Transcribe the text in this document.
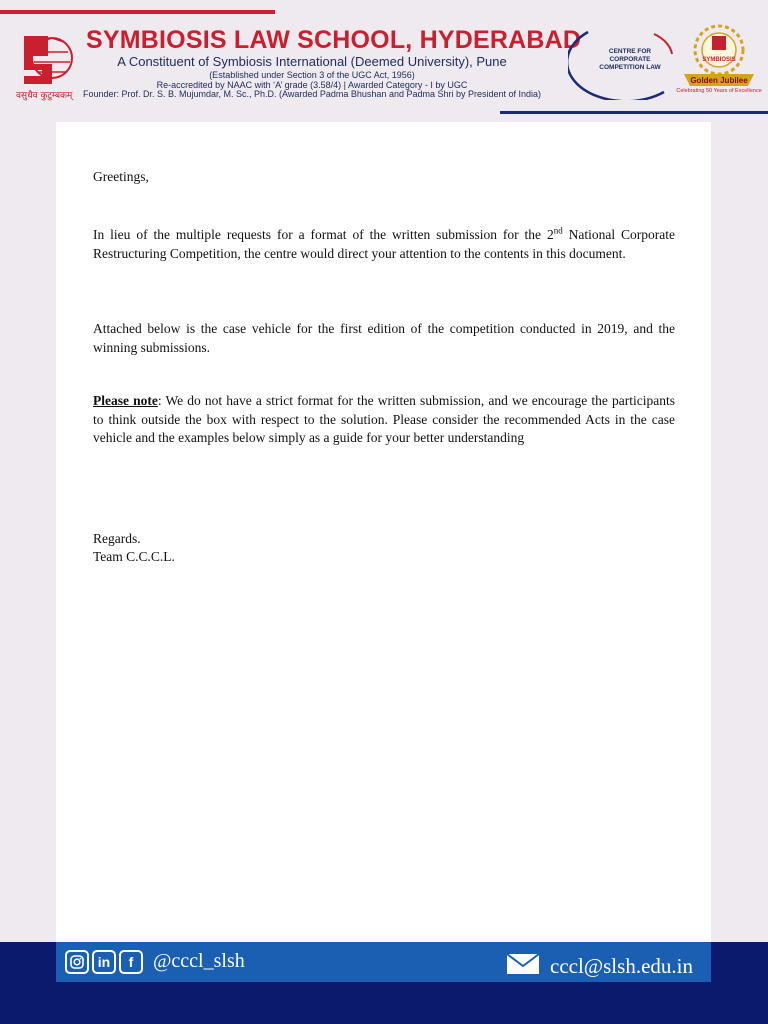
वसुधैव कुटुम्बकम्
SYMBIOSIS LAW SCHOOL, HYDERABAD
A Constituent of Symbiosis International (Deemed University), Pune
(Established under Section 3 of the UGC Act, 1956)
Re-accredited by NAAC with ‘A’ grade (3.58/4) | Awarded Category - I by UGC
Founder: Prof. Dr. S. B. Mujumdar, M. Sc., Ph.D. (Awarded Padma Bhushan and Padma Shri by President of India)
CENTRE FOR CORPORATE COMPETITION LAW
SYMBIOSIS
Golden Jubilee
Celebrating 50 Years of Excellence

Greetings,

In lieu of the multiple requests for a format of the written submission for the 2nd National Corporate Restructuring Competition, the centre would direct your attention to the contents in this document.

Attached below is the case vehicle for the first edition of the competition conducted in 2019, and the winning submissions.

Please note: We do not have a strict format for the written submission, and we encourage the participants to think outside the box with respect to the solution. Please consider the recommended Acts in the case vehicle and the examples below simply as a guide for your better understanding

Regards.

Team C.C.C.L.

in f @cccl_slsh	cccl@slsh.edu.in
